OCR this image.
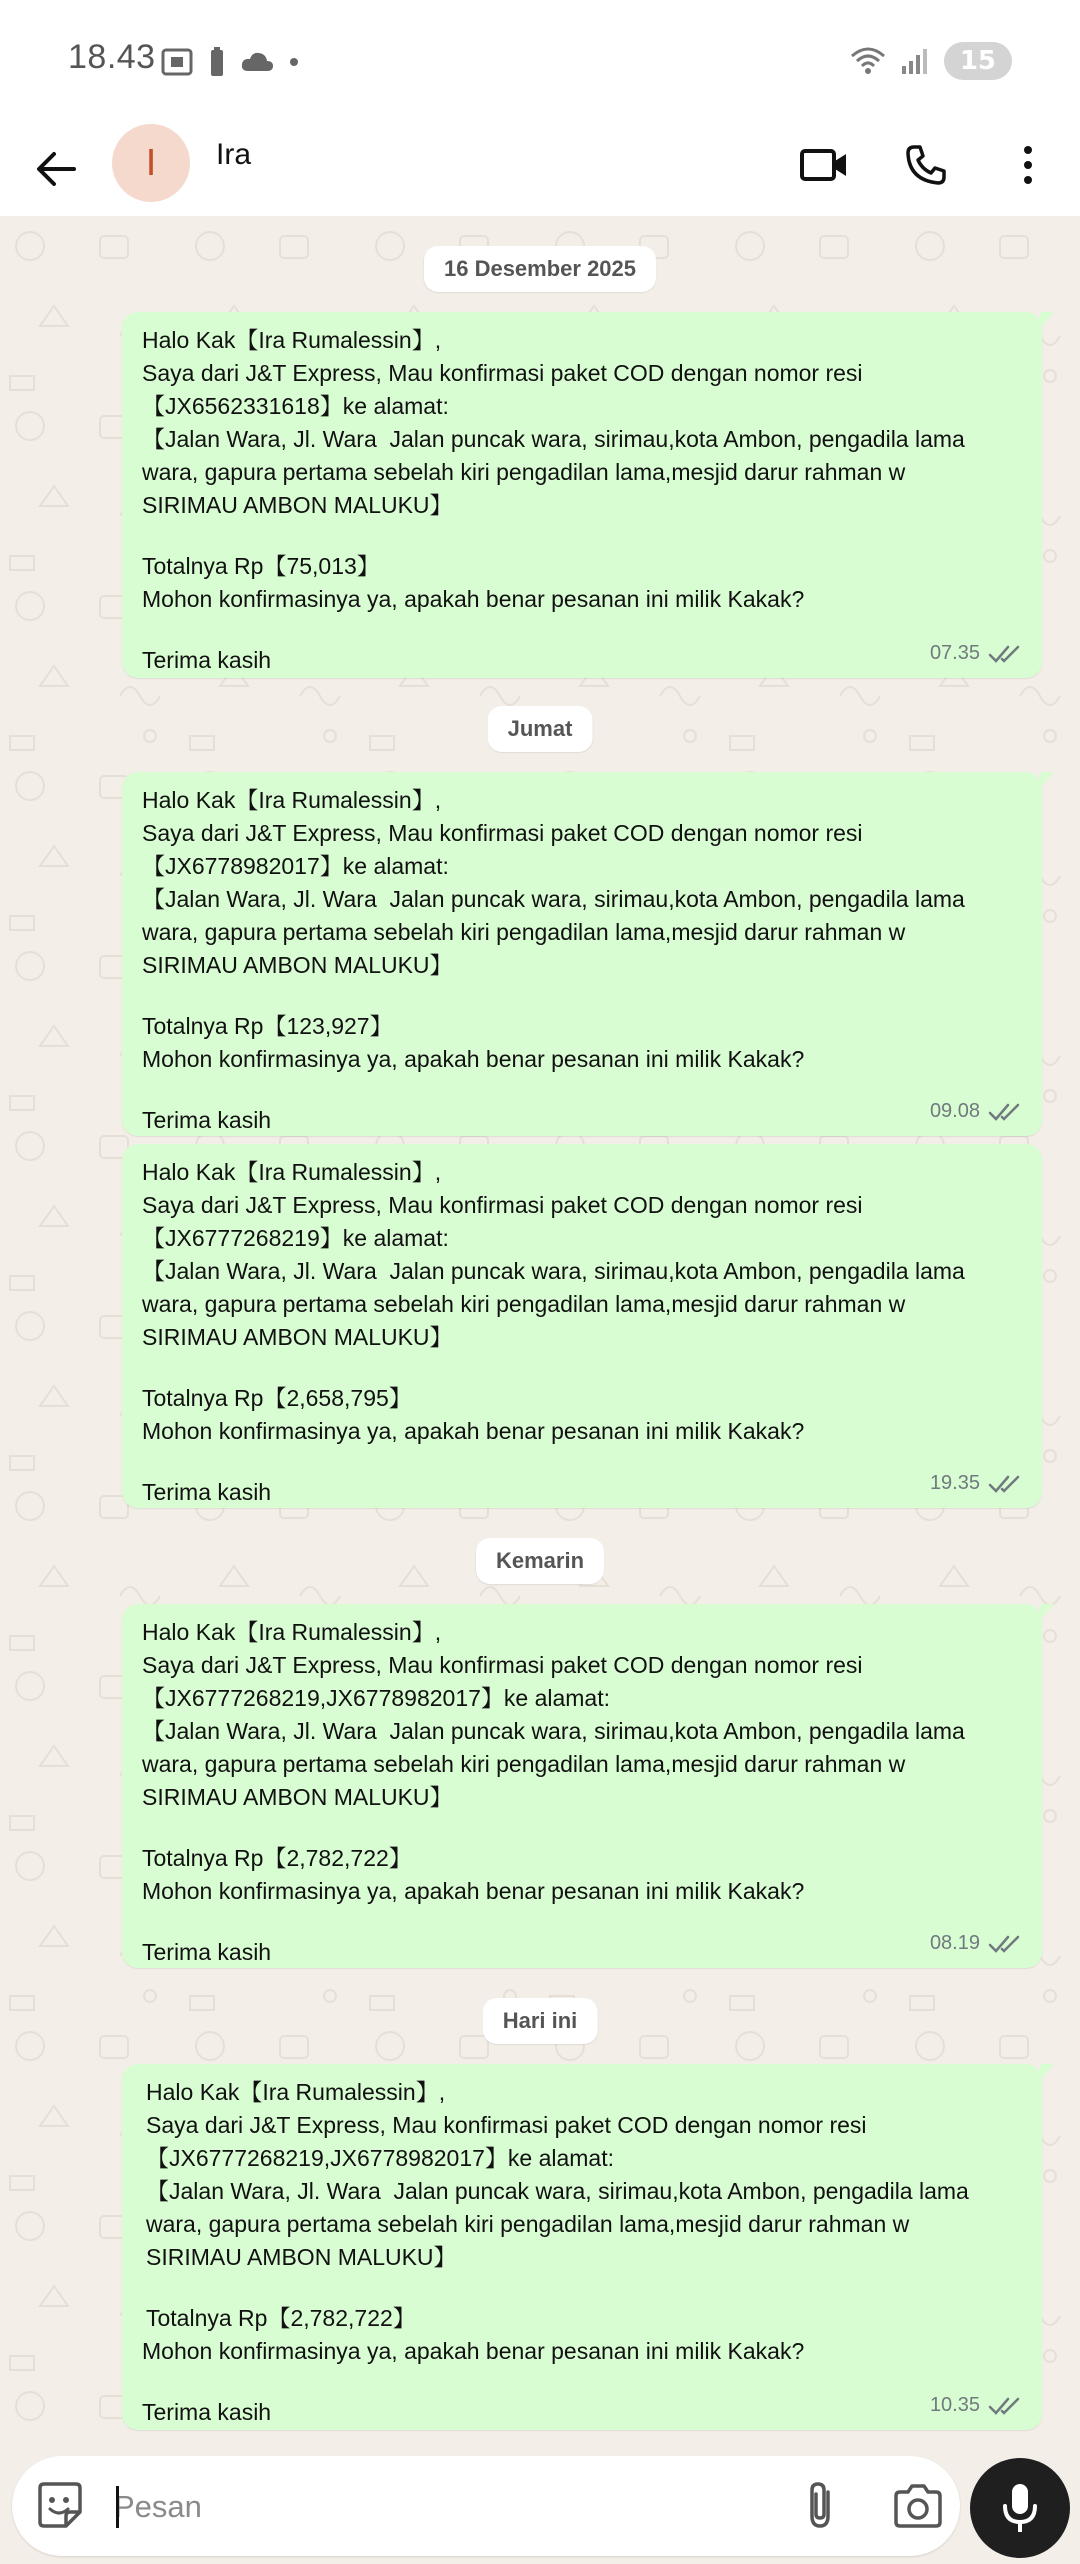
18.43	15
I	Ira
16 Desember 2025
Halo Kak【Ira Rumalessin】,
Saya dari J&T Express, Mau konfirmasi paket COD dengan nomor resi
【JX6562331618】ke alamat:
【Jalan Wara, Jl. Wara  Jalan puncak wara, sirimau,kota Ambon, pengadila lama
wara, gapura pertama sebelah kiri pengadilan lama,mesjid darur rahman w
SIRIMAU AMBON MALUKU】
Totalnya Rp【75,013】
Mohon konfirmasinya ya, apakah benar pesanan ini milik Kakak?
Terima kasih	07.35
Jumat
Halo Kak【Ira Rumalessin】,
Saya dari J&T Express, Mau konfirmasi paket COD dengan nomor resi
【JX6778982017】ke alamat:
【Jalan Wara, Jl. Wara  Jalan puncak wara, sirimau,kota Ambon, pengadila lama
wara, gapura pertama sebelah kiri pengadilan lama,mesjid darur rahman w
SIRIMAU AMBON MALUKU】
Totalnya Rp【123,927】
Mohon konfirmasinya ya, apakah benar pesanan ini milik Kakak?
Terima kasih	09.08
Halo Kak【Ira Rumalessin】,
Saya dari J&T Express, Mau konfirmasi paket COD dengan nomor resi
【JX6777268219】ke alamat:
【Jalan Wara, Jl. Wara  Jalan puncak wara, sirimau,kota Ambon, pengadila lama
wara, gapura pertama sebelah kiri pengadilan lama,mesjid darur rahman w
SIRIMAU AMBON MALUKU】
Totalnya Rp【2,658,795】
Mohon konfirmasinya ya, apakah benar pesanan ini milik Kakak?
Terima kasih	19.35
Kemarin
Halo Kak【Ira Rumalessin】,
Saya dari J&T Express, Mau konfirmasi paket COD dengan nomor resi
【JX6777268219,JX6778982017】ke alamat:
【Jalan Wara, Jl. Wara  Jalan puncak wara, sirimau,kota Ambon, pengadila lama
wara, gapura pertama sebelah kiri pengadilan lama,mesjid darur rahman w
SIRIMAU AMBON MALUKU】
Totalnya Rp【2,782,722】
Mohon konfirmasinya ya, apakah benar pesanan ini milik Kakak?
Terima kasih	08.19
Hari ini
Halo Kak【Ira Rumalessin】,
Saya dari J&T Express, Mau konfirmasi paket COD dengan nomor resi
【JX6777268219,JX6778982017】ke alamat:
【Jalan Wara, Jl. Wara  Jalan puncak wara, sirimau,kota Ambon, pengadila lama
wara, gapura pertama sebelah kiri pengadilan lama,mesjid darur rahman w
SIRIMAU AMBON MALUKU】
Totalnya Rp【2,782,722】
Mohon konfirmasinya ya, apakah benar pesanan ini milik Kakak?
Terima kasih	10.35
Pesan
